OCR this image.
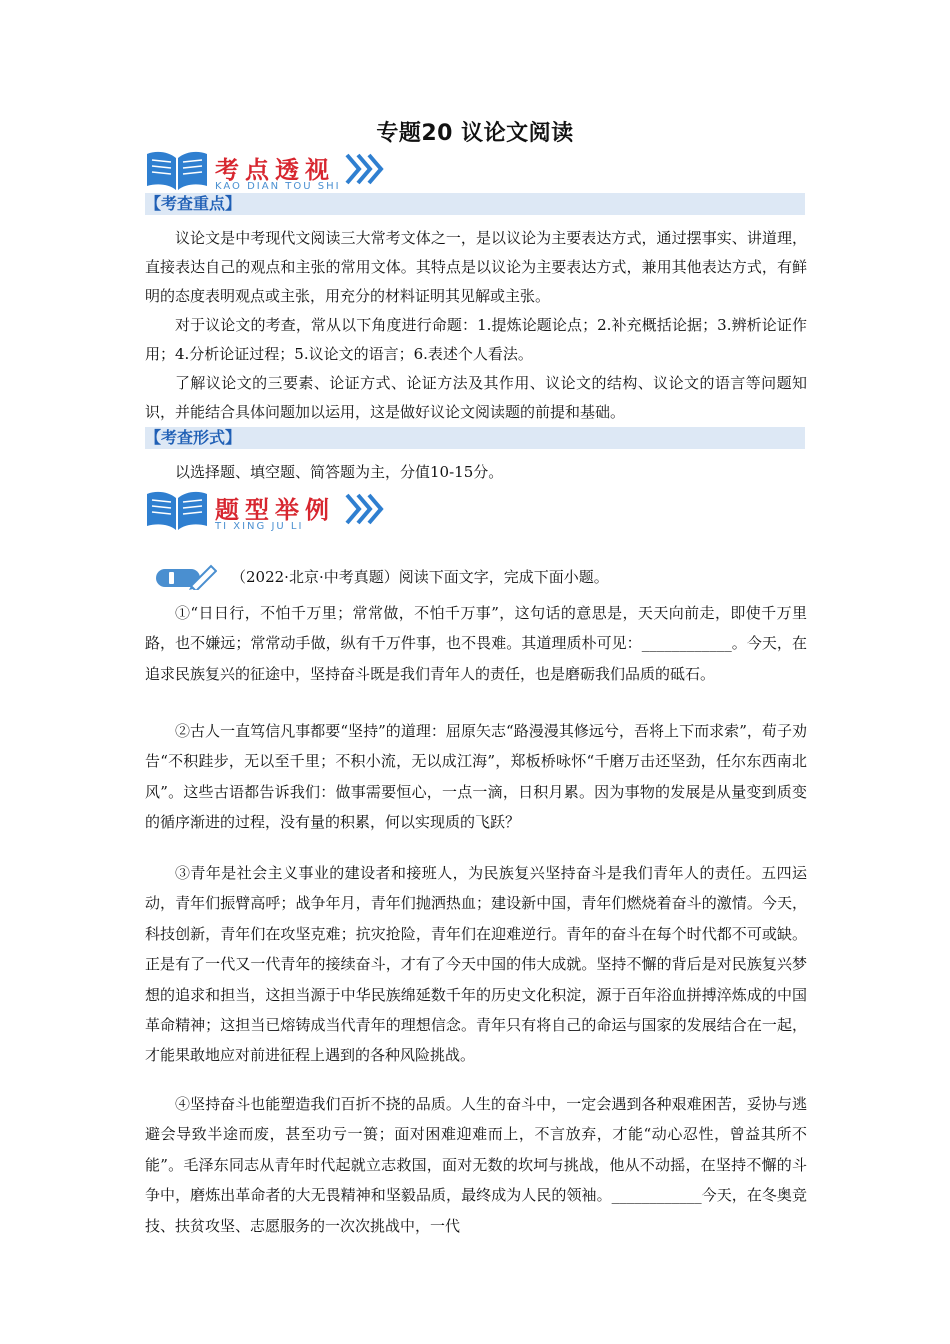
专题20 议论文阅读
考点透视
KAO DIAN TOU SHI
【考查重点】

议论文是中考现代文阅读三大常考文体之一，是以议论为主要表达方式，通过摆事实、讲道理，直接表达自己的观点和主张的常用文体。其特点是以议论为主要表达方式，兼用其他表达方式，有鲜明的态度表明观点或主张，用充分的材料证明其见解或主张。

对于议论文的考查，常从以下角度进行命题：1.提炼论题论点；2.补充概括论据；3.辨析论证作用；4.分析论证过程；5.议论文的语言；6.表述个人看法。

了解议论文的三要素、论证方式、论证方法及其作用、议论文的结构、议论文的语言等问题知识，并能结合具体问题加以运用，这是做好议论文阅读题的前提和基础。

【考查形式】

以选择题、填空题、简答题为主，分值10-15分。

题型举例
TI XING JU LI
（2022·北京·中考真题）阅读下面文字，完成下面小题。

①“日日行，不怕千万里；常常做，不怕千万事”，这句话的意思是，天天向前走，即使千万里路，也不嫌远；常常动手做，纵有千万件事，也不畏难。其道理质朴可见：____________。今天，在追求民族复兴的征途中，坚持奋斗既是我们青年人的责任，也是磨砺我们品质的砥石。

②古人一直笃信凡事都要“坚持”的道理：屈原矢志“路漫漫其修远兮，吾将上下而求索”，荀子劝告“不积跬步，无以至千里；不积小流，无以成江海”，郑板桥咏怀“千磨万击还坚劲，任尔东西南北风”。这些古语都告诉我们：做事需要恒心，一点一滴，日积月累。因为事物的发展是从量变到质变的循序渐进的过程，没有量的积累，何以实现质的飞跃？

③青年是社会主义事业的建设者和接班人，为民族复兴坚持奋斗是我们青年人的责任。五四运动，青年们振臂高呼；战争年月，青年们抛洒热血；建设新中国，青年们燃烧着奋斗的激情。今天，科技创新，青年们在攻坚克难；抗灾抢险，青年们在迎难逆行。青年的奋斗在每个时代都不可或缺。正是有了一代又一代青年的接续奋斗，才有了今天中国的伟大成就。坚持不懈的背后是对民族复兴梦想的追求和担当，这担当源于中华民族绵延数千年的历史文化积淀，源于百年浴血拼搏淬炼成的中国革命精神；这担当已熔铸成当代青年的理想信念。青年只有将自己的命运与国家的发展结合在一起，才能果敢地应对前进征程上遇到的各种风险挑战。

④坚持奋斗也能塑造我们百折不挠的品质。人生的奋斗中，一定会遇到各种艰难困苦，妥协与逃避会导致半途而废，甚至功亏一篑；面对困难迎难而上，不言放弃，才能“动心忍性，曾益其所不能”。毛泽东同志从青年时代起就立志救国，面对无数的坎坷与挑战，他从不动摇，在坚持不懈的斗争中，磨炼出革命者的大无畏精神和坚毅品质，最终成为人民的领袖。____________今天，在冬奥竞技、扶贫攻坚、志愿服务的一次次挑战中，一代
